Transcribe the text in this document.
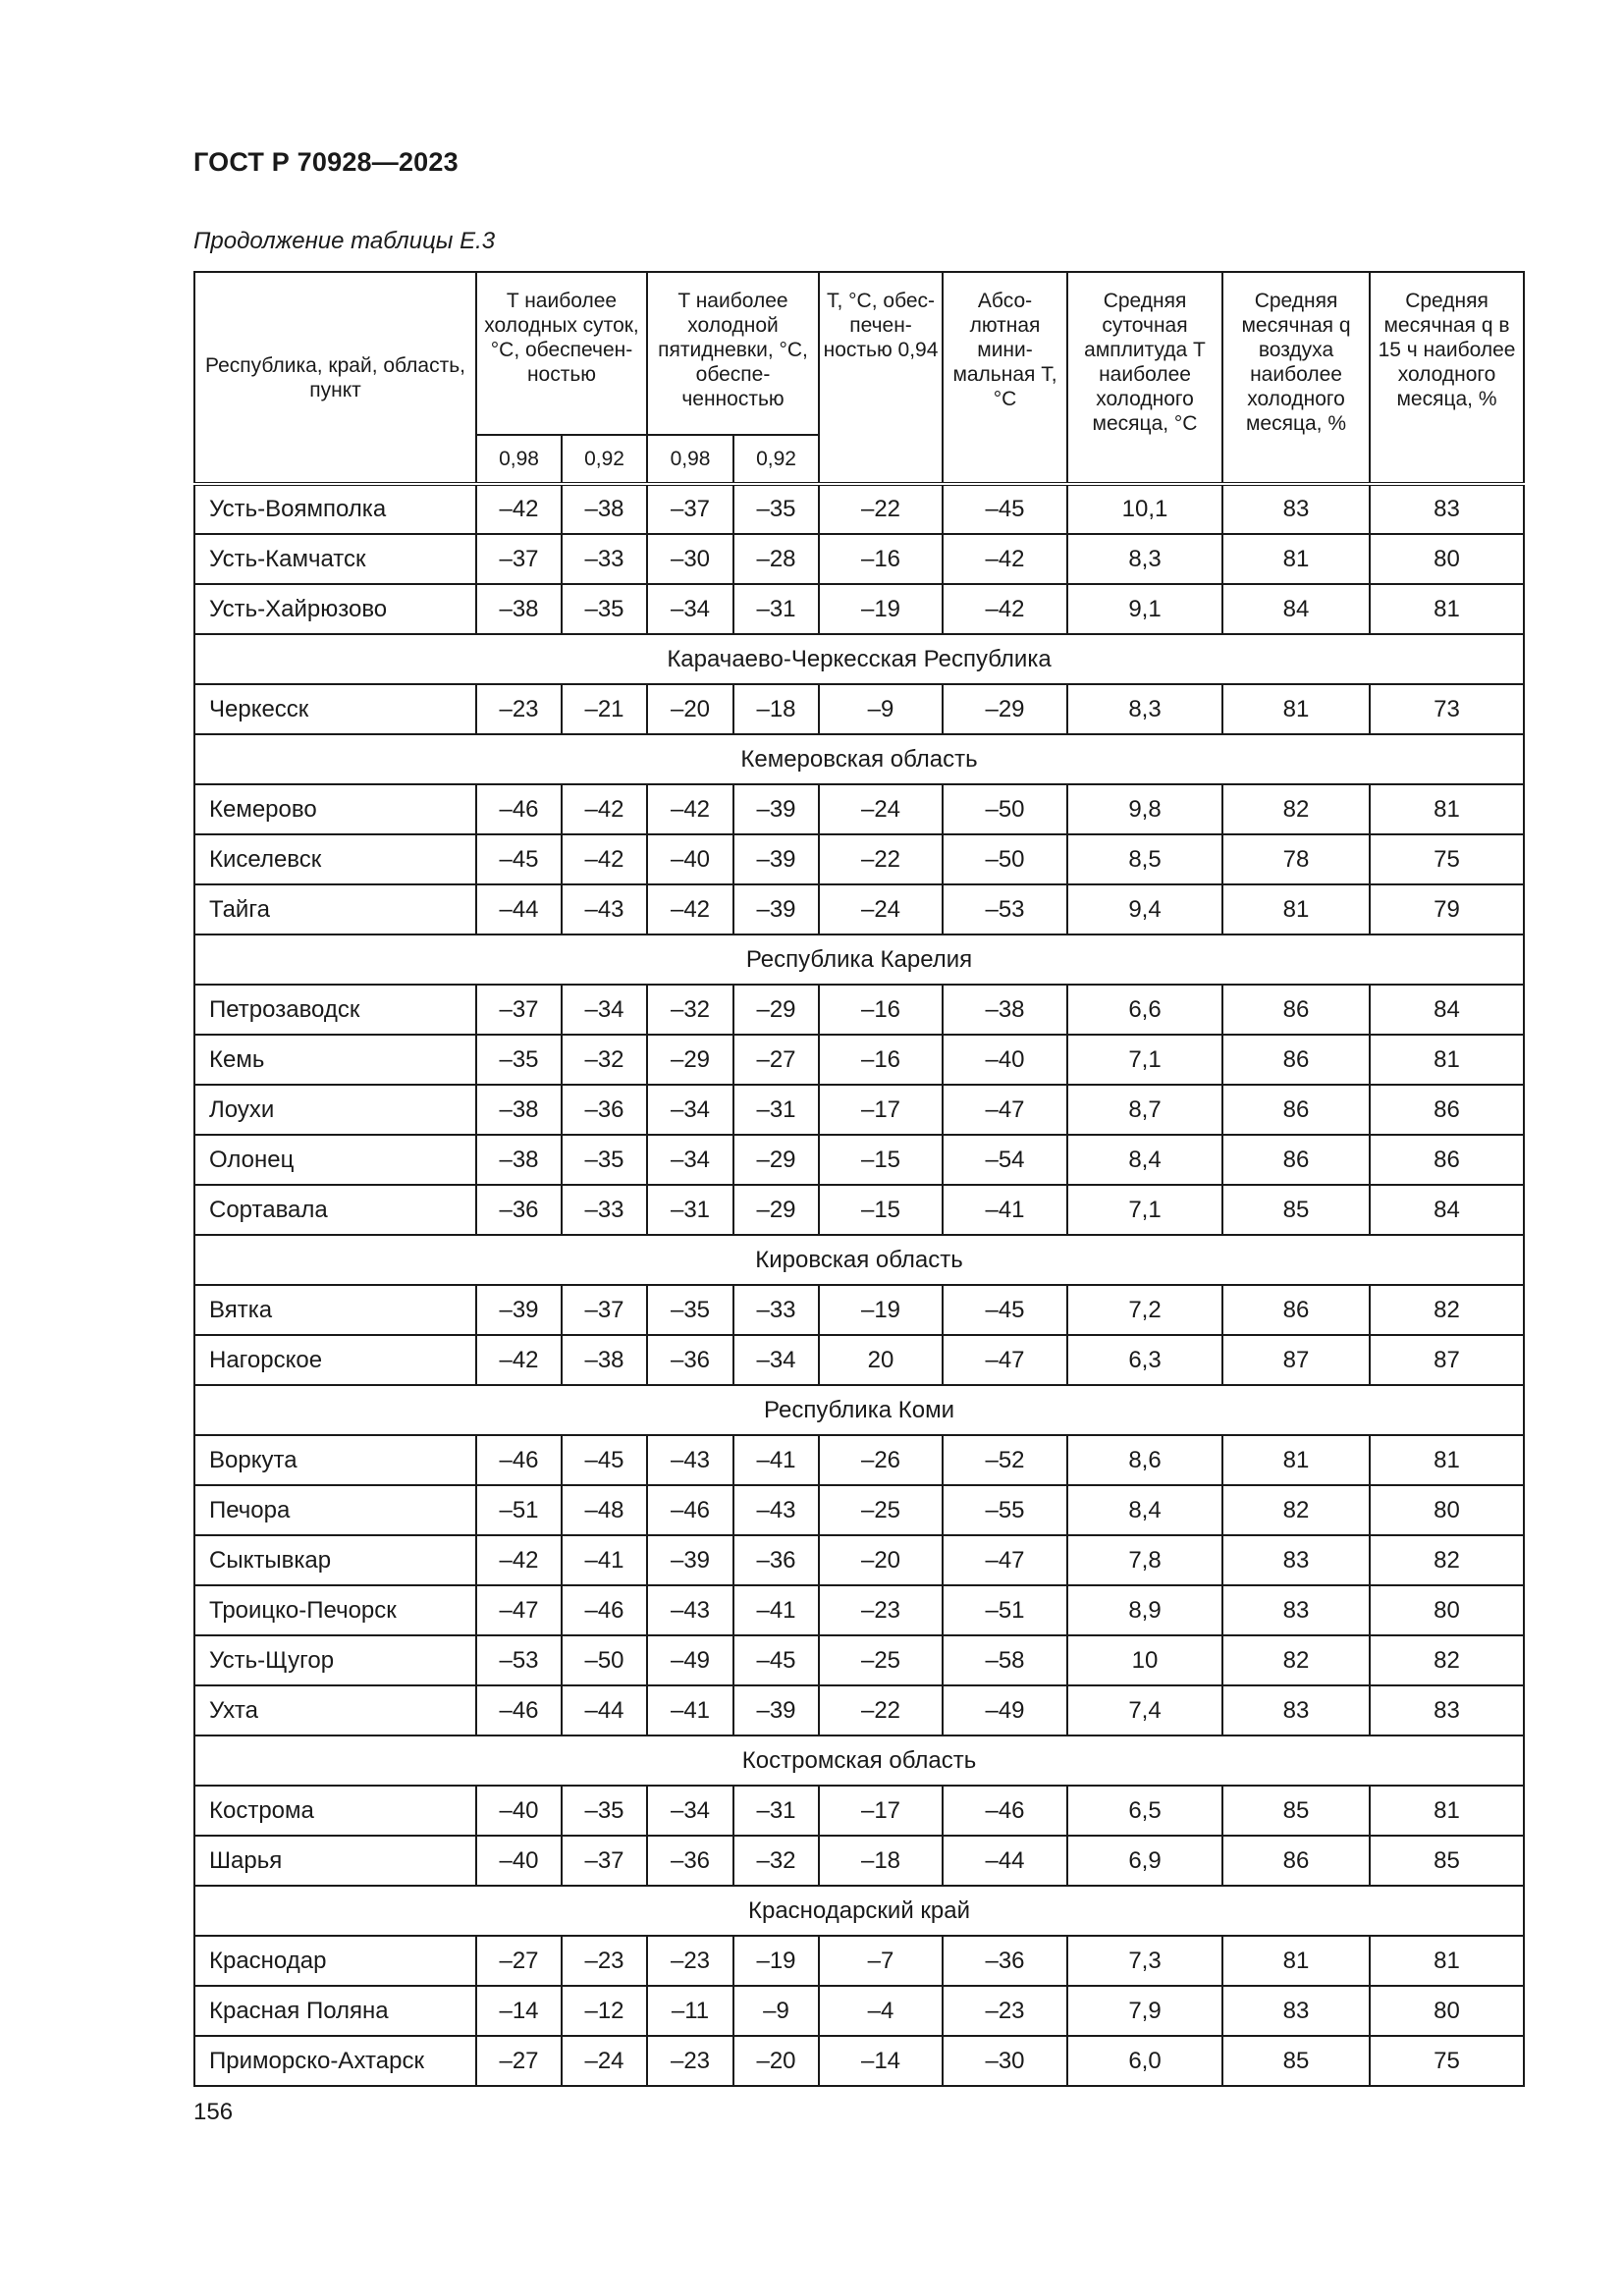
ГОСТ Р 70928—2023
Продолжение таблицы Е.3
Республика, край, область, пункт	T наиболее холодных суток, °С, обеспечен-ностью		T наиболее холодной пятидневки, °С, обеспе-ченностью		T, °С, обес-печен-ностью 0,94	Абсо-лютная мини-мальная T, °С	Средняя суточная амплитуда T наиболее холодного месяца, °С	Средняя месячная q воздуха наиболее холодного месяца, %	Средняя месячная q в 15 ч наиболее холодного месяца, %
	0,98	0,92	0,98	0,92					
Усть-Воямполка	–42	–38	–37	–35	–22	–45	10,1	83	83
Усть-Камчатск	–37	–33	–30	–28	–16	–42	8,3	81	80
Усть-Хайрюзово	–38	–35	–34	–31	–19	–42	9,1	84	81
Карачаево-Черкесская Республика									
Черкесск	–23	–21	–20	–18	–9	–29	8,3	81	73
Кемеровская область									
Кемерово	–46	–42	–42	–39	–24	–50	9,8	82	81
Киселевск	–45	–42	–40	–39	–22	–50	8,5	78	75
Тайга	–44	–43	–42	–39	–24	–53	9,4	81	79
Республика Карелия									
Петрозаводск	–37	–34	–32	–29	–16	–38	6,6	86	84
Кемь	–35	–32	–29	–27	–16	–40	7,1	86	81
Лоухи	–38	–36	–34	–31	–17	–47	8,7	86	86
Олонец	–38	–35	–34	–29	–15	–54	8,4	86	86
Сортавала	–36	–33	–31	–29	–15	–41	7,1	85	84
Кировская область									
Вятка	–39	–37	–35	–33	–19	–45	7,2	86	82
Нагорское	–42	–38	–36	–34	20	–47	6,3	87	87
Республика Коми									
Воркута	–46	–45	–43	–41	–26	–52	8,6	81	81
Печора	–51	–48	–46	–43	–25	–55	8,4	82	80
Сыктывкар	–42	–41	–39	–36	–20	–47	7,8	83	82
Троицко-Печорск	–47	–46	–43	–41	–23	–51	8,9	83	80
Усть-Щугор	–53	–50	–49	–45	–25	–58	10	82	82
Ухта	–46	–44	–41	–39	–22	–49	7,4	83	83
Костромская область									
Кострома	–40	–35	–34	–31	–17	–46	6,5	85	81
Шарья	–40	–37	–36	–32	–18	–44	6,9	86	85
Краснодарский край									
Краснодар	–27	–23	–23	–19	–7	–36	7,3	81	81
Красная Поляна	–14	–12	–11	–9	–4	–23	7,9	83	80
Приморско-Ахтарск	–27	–24	–23	–20	–14	–30	6,0	85	75
156
